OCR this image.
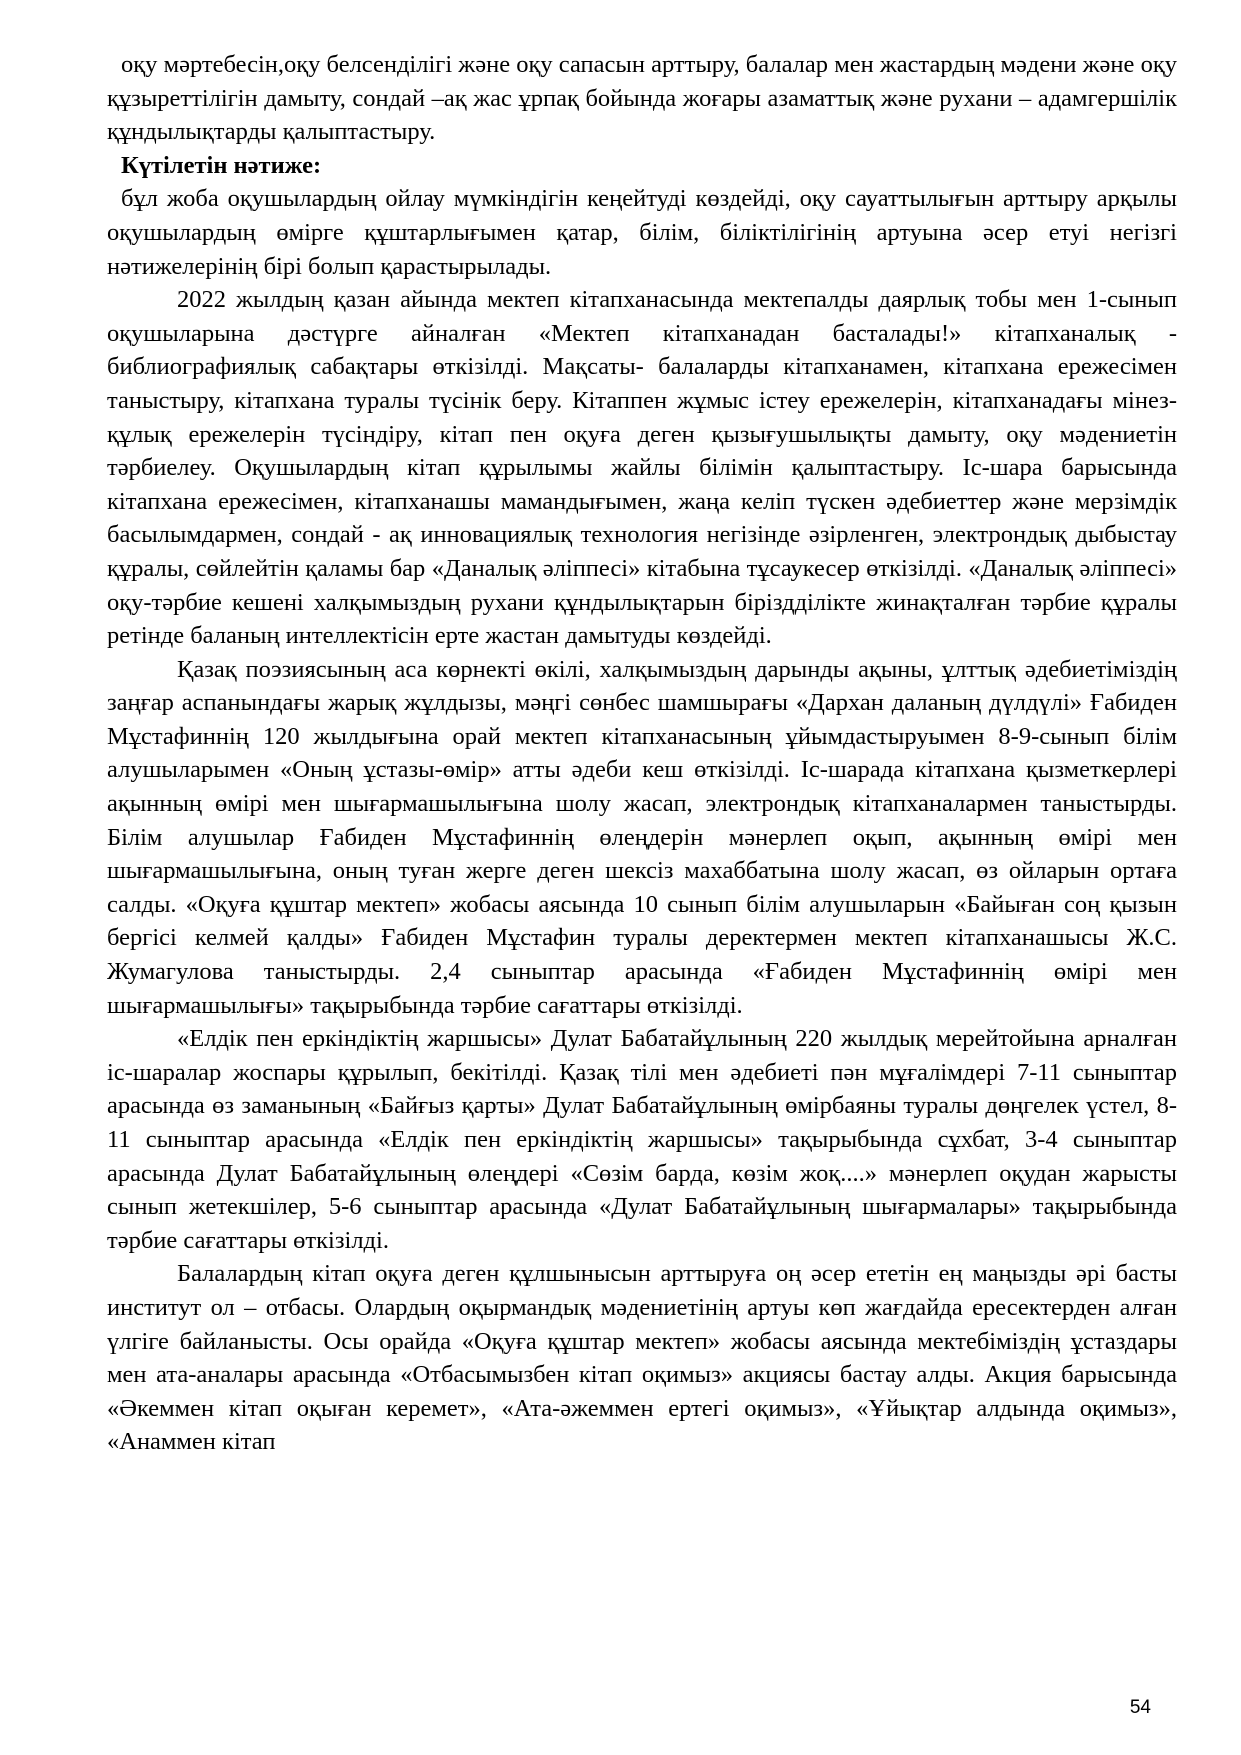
оқу мәртебесін,оқу белсенділігі және оқу сапасын арттыру, балалар мен жастардың мәдени және оқу құзыреттілігін дамыту, сондай –ақ жас ұрпақ бойында жоғары азаматтық және рухани – адамгершілік құндылықтарды қалыптастыру.

Күтілетін нәтиже:

бұл жоба оқушылардың ойлау мүмкіндігін кеңейтуді көздейді, оқу сауаттылығын арттыру арқылы оқушылардың өмірге құштарлығымен қатар, білім, біліктілігінің артуына әсер етуі негізгі нәтижелерінің бірі болып қарастырылады.

2022 жылдың қазан айында мектеп кітапханасында мектепалды даярлық тобы мен 1-сынып оқушыларына дәстүрге айналған «Мектеп кітапханадан басталады!» кітапханалық - библиографиялық сабақтары өткізілді. Мақсаты- балаларды кітапханамен, кітапхана ережесімен таныстыру, кітапхана туралы түсінік беру. Кітаппен жұмыс істеу ережелерін, кітапханадағы мінез-құлық ережелерін түсіндіру, кітап пен оқуға деген қызығушылықты дамыту, оқу мәдениетін тәрбиелеу. Оқушылардың кітап құрылымы жайлы білімін қалыптастыру. Іс-шара барысында кітапхана ережесімен, кітапханашы мамандығымен, жаңа келіп түскен әдебиеттер және мерзімдік басылымдармен, сондай - ақ инновациялық технология негізінде әзірленген, электрондық дыбыстау құралы, сөйлейтін қаламы бар «Даналық әліппесі» кітабына тұсаукесер өткізілді. «Даналық әліппесі» оқу-тәрбие кешені халқымыздың рухани құндылықтарын біріздділікте жинақталған тәрбие құралы ретінде баланың интеллектісін ерте жастан дамытуды көздейді.

Қазақ поэзиясының аса көрнекті өкілі, халқымыздың дарынды ақыны, ұлттық әдебиетіміздің заңғар аспанындағы жарық жұлдызы, мәңгі сөнбес шамшырағы «Дархан даланың дүлдүлі» Ғабиден Мұстафиннің 120 жылдығына орай мектеп кітапханасының ұйымдастыруымен 8-9-сынып білім алушыларымен «Оның ұстазы-өмір» атты әдеби кеш өткізілді. Іс-шарада кітапхана қызметкерлері ақынның өмірі мен шығармашылығына шолу жасап, электрондық кітапханалармен таныстырды. Білім алушылар Ғабиден Мұстафиннің өлеңдерін мәнерлеп оқып, ақынның өмірі мен шығармашылығына, оның туған жерге деген шексіз махаббатына шолу жасап, өз ойларын ортаға салды. «Оқуға құштар мектеп» жобасы аясында 10 сынып білім алушыларын «Байыған соң қызын бергісі келмей қалды» Ғабиден Мұстафин туралы деректермен мектеп кітапханашысы Ж.С. Жумагулова таныстырды. 2,4 сыныптар арасында «Ғабиден Мұстафиннің өмірі мен шығармашылығы» тақырыбында тәрбие сағаттары өткізілді.

«Елдік пен еркіндіктің жаршысы» Дулат Бабатайұлының 220 жылдық мерейтойына арналған іс-шаралар жоспары құрылып, бекітілді. Қазақ тілі мен әдебиеті пән мұғалімдері 7-11 сыныптар арасында өз заманының «Байғыз қарты» Дулат Бабатайұлының өмірбаяны туралы дөңгелек үстел, 8-11 сыныптар арасында «Елдік пен еркіндіктің жаршысы» тақырыбында сұхбат, 3-4 сыныптар арасында Дулат Бабатайұлының өлеңдері «Сөзім барда, көзім жоқ....» мәнерлеп оқудан жарысты сынып жетекшілер, 5-6 сыныптар арасында «Дулат Бабатайұлының шығармалары» тақырыбында тәрбие сағаттары өткізілді.

Балалардың кітап оқуға деген құлшынысын арттыруға оң әсер ететін ең маңызды әрі басты институт ол – отбасы. Олардың оқырмандық мәдениетінің артуы көп жағдайда ересектерден алған үлгіге байланысты. Осы орайда «Оқуға құштар мектеп» жобасы аясында мектебіміздің ұстаздары мен ата-аналары арасында «Отбасымызбен кітап оқимыз» акциясы бастау алды. Акция барысында «Әкеммен кітап оқыған керемет», «Ата-әжеммен ертегі оқимыз», «Ұйықтар алдында оқимыз», «Анаммен кітап

54
